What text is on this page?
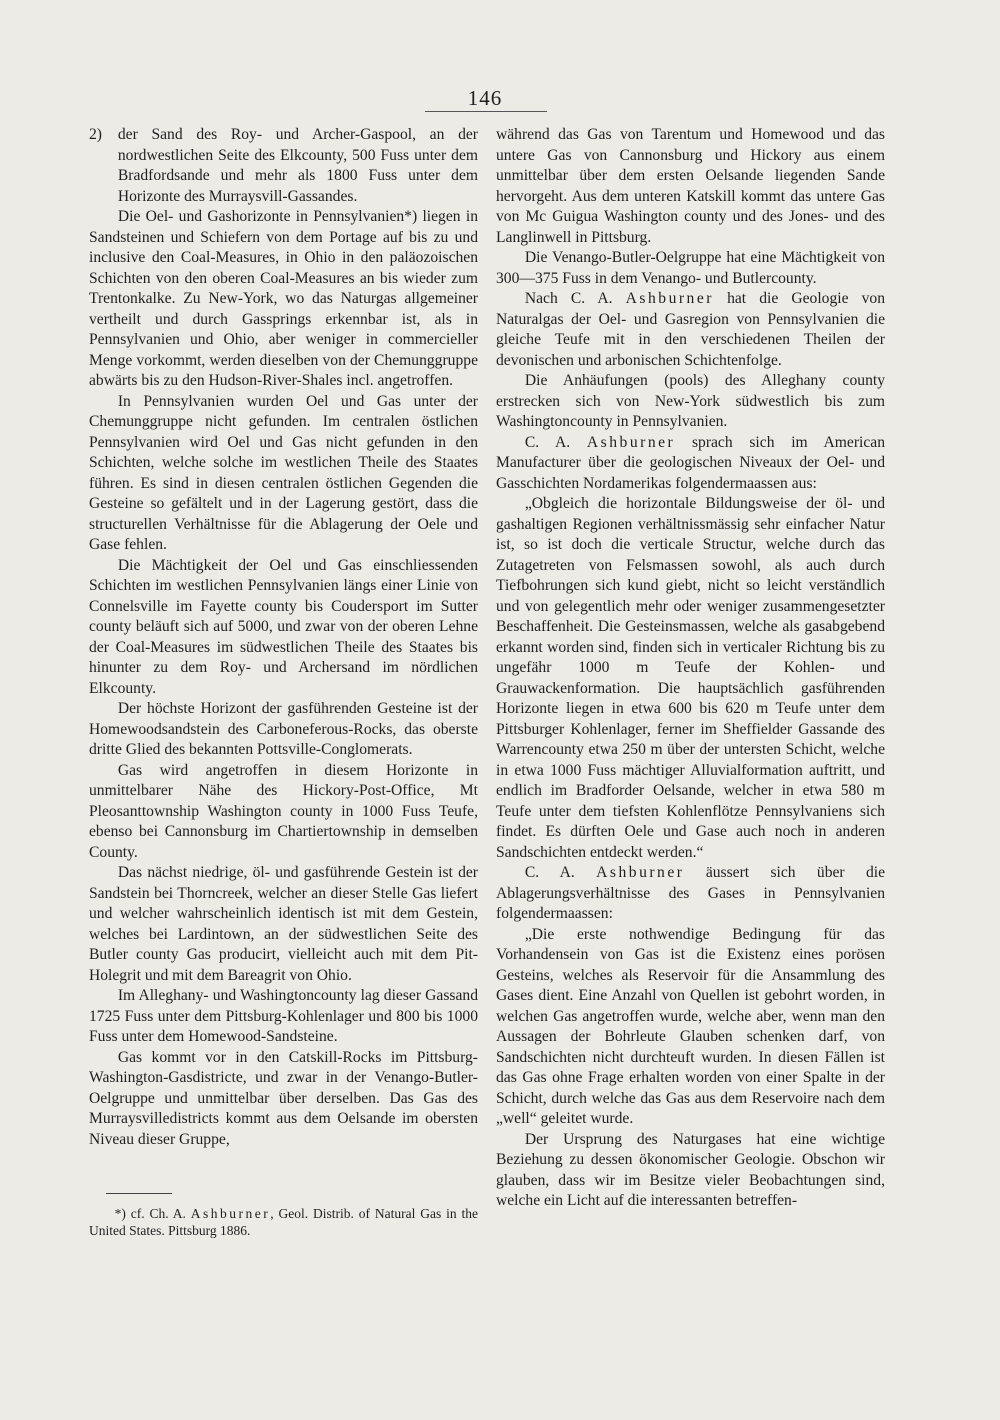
146

2) der Sand des Roy- und Archer-Gaspool, an der nordwestlichen Seite des Elkcounty, 500 Fuss unter dem Bradfordsande und mehr als 1800 Fuss unter dem Horizonte des Murraysvill-Gassandes.

Die Oel- und Gashorizonte in Pennsylvanien*) liegen in Sandsteinen und Schiefern von dem Portage auf bis zu und inclusive den Coal-Measures, in Ohio in den paläozoischen Schichten von den oberen Coal-Measures an bis wieder zum Trentonkalke. Zu New-York, wo das Naturgas allgemeiner vertheilt und durch Gassprings erkennbar ist, als in Pennsylvanien und Ohio, aber weniger in commercieller Menge vorkommt, werden dieselben von der Chemunggruppe abwärts bis zu den Hudson-River-Shales incl. angetroffen.

In Pennsylvanien wurden Oel und Gas unter der Chemunggruppe nicht gefunden. Im centralen östlichen Pennsylvanien wird Oel und Gas nicht gefunden in den Schichten, welche solche im westlichen Theile des Staates führen. Es sind in diesen centralen östlichen Gegenden die Gesteine so gefältelt und in der Lagerung gestört, dass die structurellen Verhältnisse für die Ablagerung der Oele und Gase fehlen.

Die Mächtigkeit der Oel und Gas einschliessenden Schichten im westlichen Pennsylvanien längs einer Linie von Connelsville im Fayette county bis Coudersport im Sutter county beläuft sich auf 5000, und zwar von der oberen Lehne der Coal-Measures im südwestlichen Theile des Staates bis hinunter zu dem Roy- und Archersand im nördlichen Elkcounty.

Der höchste Horizont der gasführenden Gesteine ist der Homewoodsandstein des Carboneferous-Rocks, das oberste dritte Glied des bekannten Pottsville-Conglomerats.

Gas wird angetroffen in diesem Horizonte in unmittelbarer Nähe des Hickory-Post-Office, Mt Pleosanttownship Washington county in 1000 Fuss Teufe, ebenso bei Cannonsburg im Chartiertownship in demselben County.

Das nächst niedrige, öl- und gasführende Gestein ist der Sandstein bei Thorncreek, welcher an dieser Stelle Gas liefert und welcher wahrscheinlich identisch ist mit dem Gestein, welches bei Lardintown, an der südwestlichen Seite des Butler county Gas producirt, vielleicht auch mit dem Pit-Holegrit und mit dem Bareagrit von Ohio.

Im Alleghany- und Washingtoncounty lag dieser Gassand 1725 Fuss unter dem Pittsburg-Kohlenlager und 800 bis 1000 Fuss unter dem Homewood-Sandsteine.

Gas kommt vor in den Catskill-Rocks im Pittsburg-Washington-Gasdistricte, und zwar in der Venango-Butler-Oelgruppe und unmittelbar über derselben. Das Gas des Murraysvilledistricts kommt aus dem Oelsande im obersten Niveau dieser Gruppe,

*) cf. Ch. A. Ashburner, Geol. Distrib. of Natural Gas in the United States. Pittsburg 1886.

während das Gas von Tarentum und Homewood und das untere Gas von Cannonsburg und Hickory aus einem unmittelbar über dem ersten Oelsande liegenden Sande hervorgeht. Aus dem unteren Katskill kommt das untere Gas von Mc Guigua Washington county und des Jones- und des Langlinwell in Pittsburg.

Die Venango-Butler-Oelgruppe hat eine Mächtigkeit von 300—375 Fuss in dem Venango- und Butlercounty.

Nach C. A. Ashburner hat die Geologie von Naturalgas der Oel- und Gasregion von Pennsylvanien die gleiche Teufe mit in den verschiedenen Theilen der devonischen und arbonischen Schichtenfolge.

Die Anhäufungen (pools) des Alleghany county erstrecken sich von New-York südwestlich bis zum Washingtoncounty in Pennsylvanien.

C. A. Ashburner sprach sich im American Manufacturer über die geologischen Niveaux der Oel- und Gasschichten Nordamerikas folgendermaassen aus:

„Obgleich die horizontale Bildungsweise der öl- und gashaltigen Regionen verhältnissmässig sehr einfacher Natur ist, so ist doch die verticale Structur, welche durch das Zutagetreten von Felsmassen sowohl, als auch durch Tiefbohrungen sich kund giebt, nicht so leicht verständlich und von gelegentlich mehr oder weniger zusammengesetzter Beschaffenheit. Die Gesteinsmassen, welche als gasabgebend erkannt worden sind, finden sich in verticaler Richtung bis zu ungefähr 1000 m Teufe der Kohlen- und Grauwackenformation. Die hauptsächlich gasführenden Horizonte liegen in etwa 600 bis 620 m Teufe unter dem Pittsburger Kohlenlager, ferner im Sheffielder Gassande des Warrencounty etwa 250 m über der untersten Schicht, welche in etwa 1000 Fuss mächtiger Alluvialformation auftritt, und endlich im Bradforder Oelsande, welcher in etwa 580 m Teufe unter dem tiefsten Kohlenflötze Pennsylvaniens sich findet. Es dürften Oele und Gase auch noch in anderen Sandschichten entdeckt werden.“

C. A. Ashburner äussert sich über die Ablagerungsverhältnisse des Gases in Pennsylvanien folgendermaassen:

„Die erste nothwendige Bedingung für das Vorhandensein von Gas ist die Existenz eines porösen Gesteins, welches als Reservoir für die Ansammlung des Gases dient. Eine Anzahl von Quellen ist gebohrt worden, in welchen Gas angetroffen wurde, welche aber, wenn man den Aussagen der Bohrleute Glauben schenken darf, von Sandschichten nicht durchteuft wurden. In diesen Fällen ist das Gas ohne Frage erhalten worden von einer Spalte in der Schicht, durch welche das Gas aus dem Reservoire nach dem „well“ geleitet wurde.

Der Ursprung des Naturgases hat eine wichtige Beziehung zu dessen ökonomischer Geologie. Obschon wir glauben, dass wir im Besitze vieler Beobachtungen sind, welche ein Licht auf die interessanten betreffen-
